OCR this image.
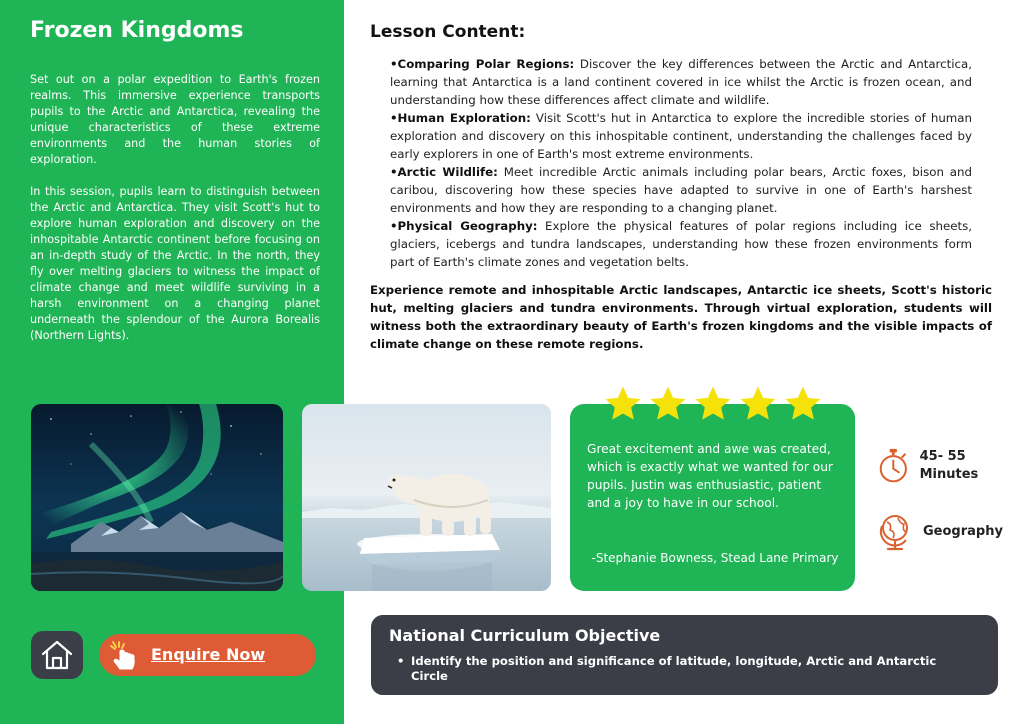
Frozen Kingdoms

Set out on a polar expedition to Earth's frozen realms. This immersive experience transports pupils to the Arctic and Antarctica, revealing the unique characteristics of these extreme environments and the human stories of exploration.

In this session, pupils learn to distinguish between the Arctic and Antarctica. They visit Scott's hut to explore human exploration and discovery on the inhospitable Antarctic continent before focusing on an in-depth study of the Arctic. In the north, they fly over melting glaciers to witness the impact of climate change and meet wildlife surviving in a harsh environment on a changing planet underneath the splendour of the Aurora Borealis (Northern Lights).

Lesson Content:

•Comparing Polar Regions: Discover the key differences between the Arctic and Antarctica, learning that Antarctica is a land continent covered in ice whilst the Arctic is frozen ocean, and understanding how these differences affect climate and wildlife.

•Human Exploration: Visit Scott's hut in Antarctica to explore the incredible stories of human exploration and discovery on this inhospitable continent, understanding the challenges faced by early explorers in one of Earth's most extreme environments.

•Arctic Wildlife: Meet incredible Arctic animals including polar bears, Arctic foxes, bison and caribou, discovering how these species have adapted to survive in one of Earth's harshest environments and how they are responding to a changing planet.

•Physical Geography: Explore the physical features of polar regions including ice sheets, glaciers, icebergs and tundra landscapes, understanding how these frozen environments form part of Earth's climate zones and vegetation belts.

Experience remote and inhospitable Arctic landscapes, Antarctic ice sheets, Scott's historic hut, melting glaciers and tundra environments. Through virtual exploration, students will witness both the extraordinary beauty of Earth's frozen kingdoms and the visible impacts of climate change on these remote regions.

Great excitement and awe was created, which is exactly what we wanted for our pupils. Justin was enthusiastic, patient and a joy to have in our school.

-Stephanie Bowness, Stead Lane Primary

45- 55 Minutes
Geography
Enquire Now
National Curriculum Objective

• Identify the position and significance of latitude, longitude, Arctic and Antarctic Circle
